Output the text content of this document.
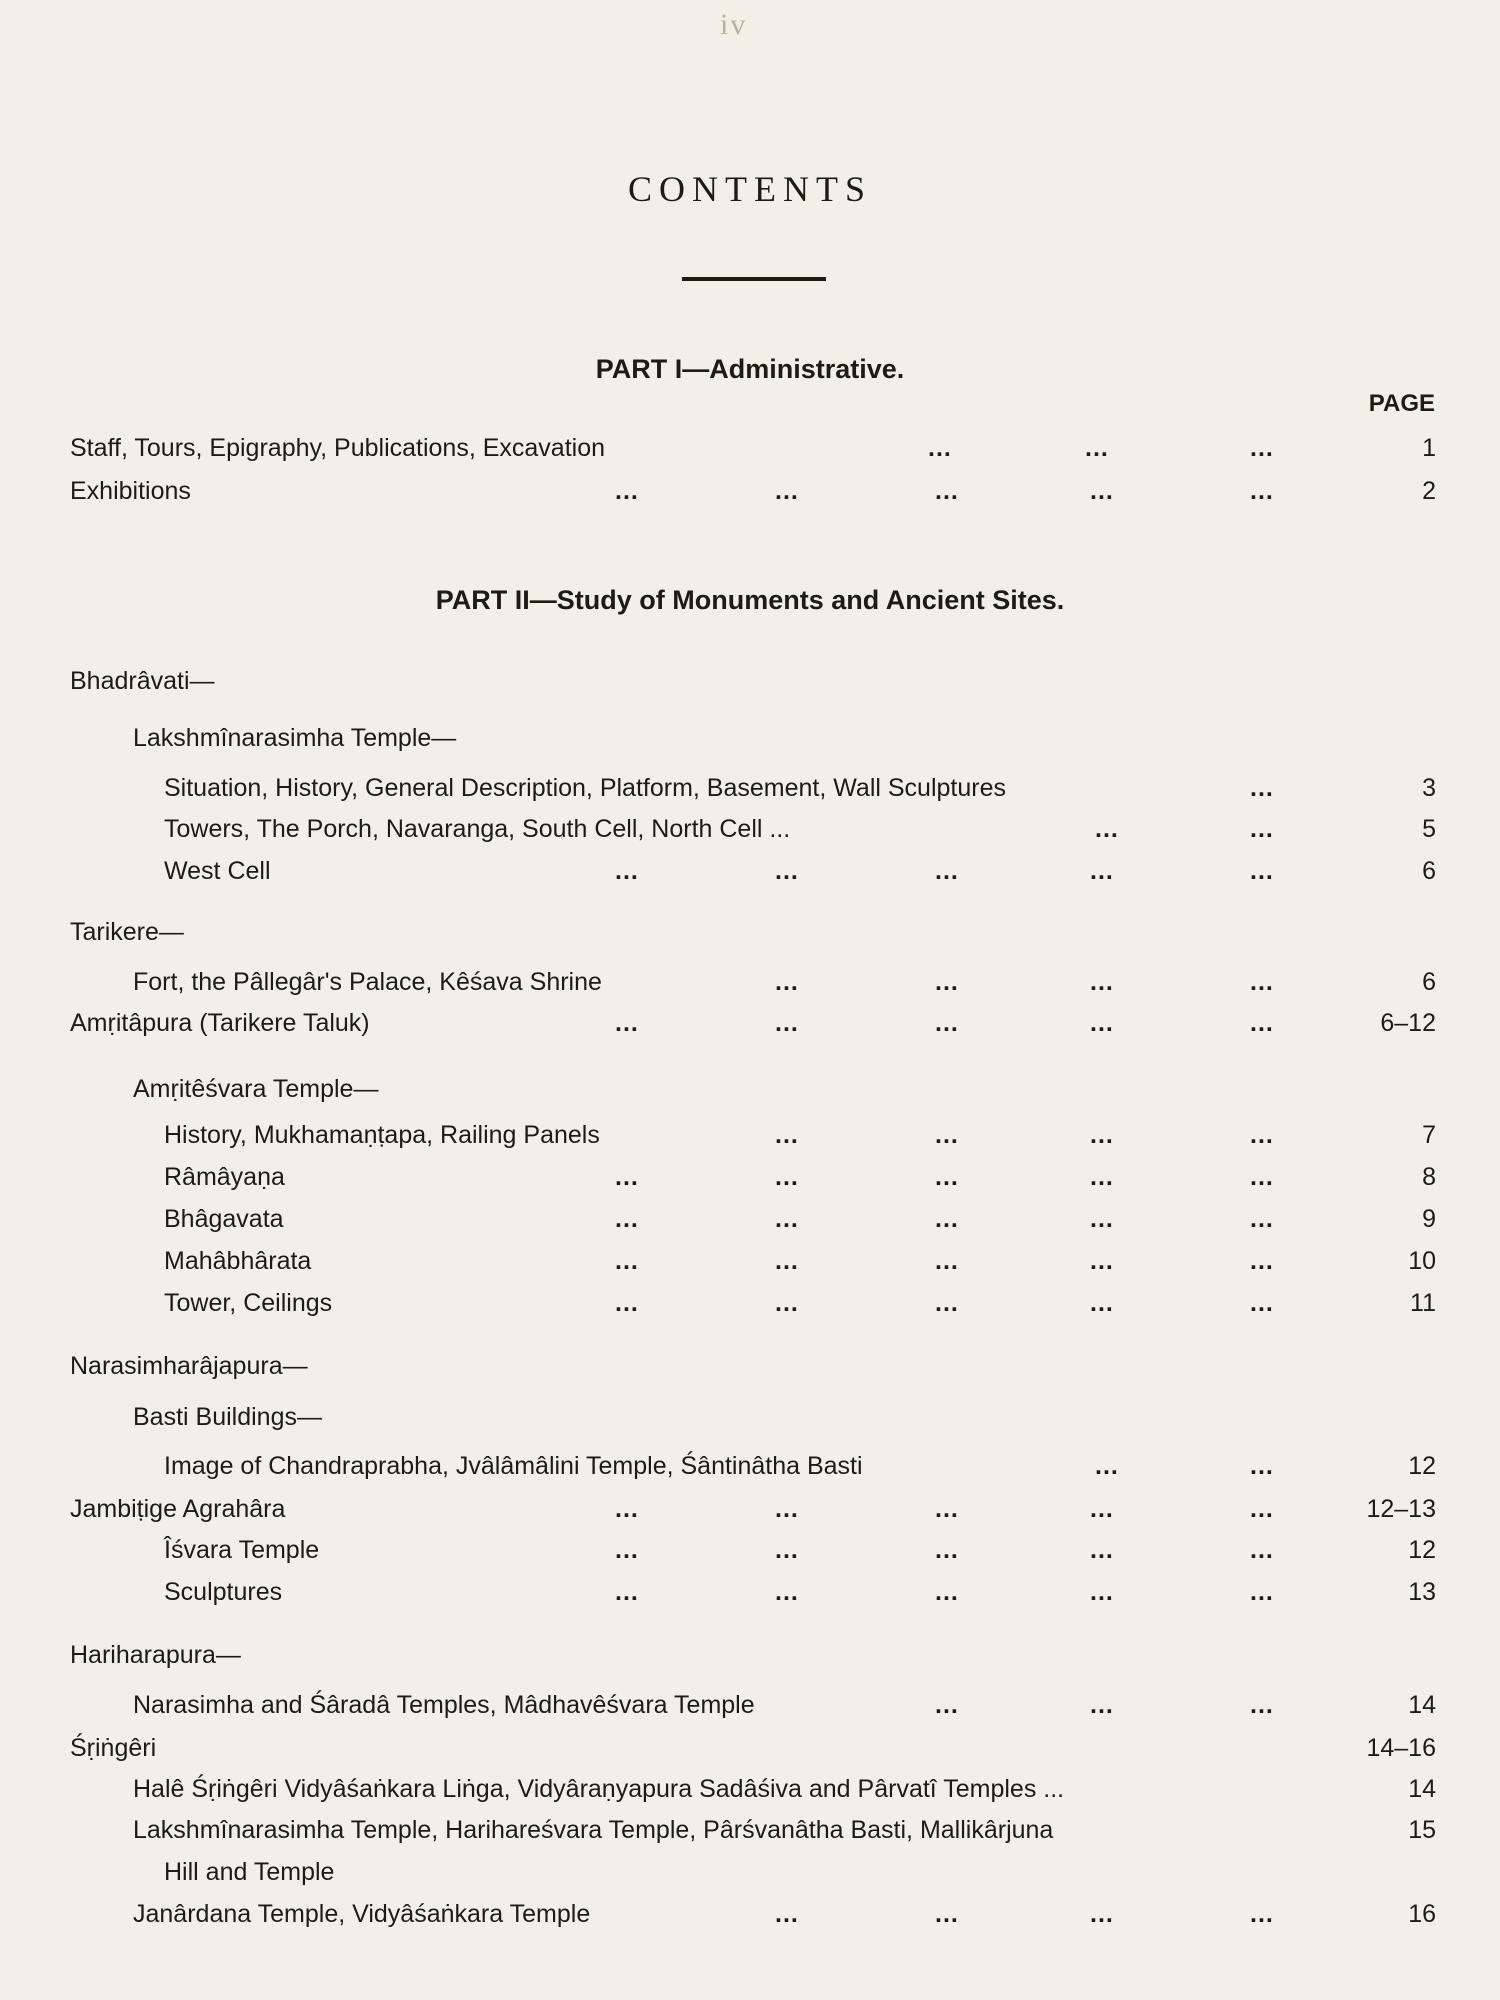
iv
CONTENTS
PART I—Administrative.
PAGE
Staff, Tours, Epigraphy, Publications, Excavation	...	...	...	1
Exhibitions	...	...	...	...	...	2
PART II—Study of Monuments and Ancient Sites.
Bhadrâvati—
Lakshmînarasimha Temple—
Situation, History, General Description, Platform, Basement, Wall Sculptures	...	3
Towers, The Porch, Navaranga, South Cell, North Cell ...	...	...	5
West Cell	...	...	...	...	...	6
Tarikere—
Fort, the Pâllegâr's Palace, Kêśava Shrine	...	...	...	...	6
Amṛitâpura (Tarikere Taluk)	...	...	...	...	...	6–12
Amṛitêśvara Temple—
History, Mukhamaṇṭapa, Railing Panels	...	...	...	...	7
Râmâyaṇa	...	...	...	...	...	8
Bhâgavata	...	...	...	...	...	9
Mahâbhârata	...	...	...	...	...	10
Tower, Ceilings	...	...	...	...	...	11
Narasimharâjapura—
Basti Buildings—
Image of Chandraprabha, Jvâlâmâlini Temple, Śântinâtha Basti	...	...	12
Jambiṭige Agrahâra	...	...	...	...	...	12–13
Îśvara Temple	...	...	...	...	...	12
Sculptures	...	...	...	...	...	13
Hariharapura—
Narasimha and Śâradâ Temples, Mâdhavêśvara Temple	...	...	...	14
Śṛiṅgêri	14–16
Halê Śṛiṅgêri Vidyâśaṅkara Liṅga, Vidyâraṇyapura Sadâśiva and Pârvatî Temples ...	14
Lakshmînarasimha Temple, Harihareśvara Temple, Pârśvanâtha Basti, Mallikârjuna	15
Hill and Temple
Janârdana Temple, Vidyâśaṅkara Temple	...	...	...	...	16
